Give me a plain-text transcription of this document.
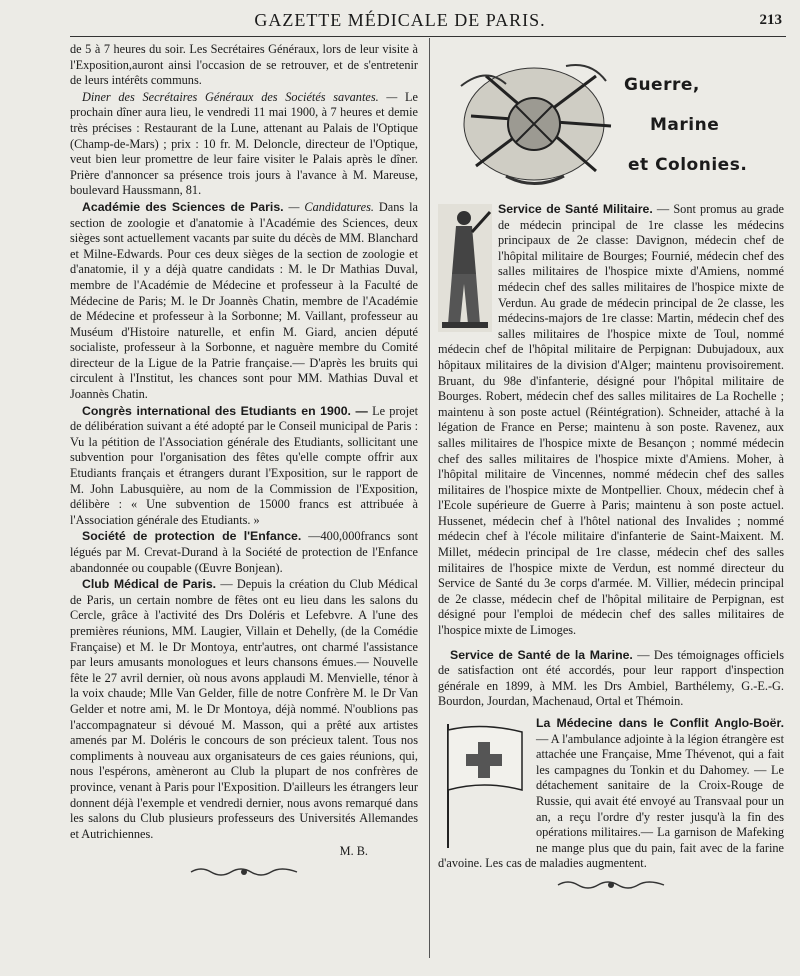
GAZETTE MÉDICALE DE PARIS.	213

de 5 à 7 heures du soir. Les Secrétaires Généraux, lors de leur visite à l'Exposition,auront ainsi l'occasion de se retrouver, et de s'entretenir de leurs intérêts communs.

Diner des Secrétaires Généraux des Sociétés savantes. — Le prochain dîner aura lieu, le vendredi 11 mai 1900, à 7 heures et demie très précises : Restaurant de la Lune, attenant au Palais de l'Optique (Champ-de-Mars) ; prix : 10 fr. M. Deloncle, directeur de l'Optique, veut bien leur promettre de leur faire visiter le Palais après le dîner. Prière d'annoncer sa présence trois jours à l'avance à M. Mareuse, boulevard Haussmann, 81.

Académie des Sciences de Paris. — Candidatures. Dans la section de zoologie et d'anatomie à l'Académie des Sciences, deux sièges sont actuellement vacants par suite du décès de MM. Blanchard et Milne-Edwards. Pour ces deux sièges de la section de zoologie et d'anatomie, il y a déjà quatre candidats : M. le Dr Mathias Duval, membre de l'Académie de Médecine et professeur à la Faculté de Médecine de Paris; M. le Dr Joannès Chatin, membre de l'Académie de Médecine et professeur à la Sorbonne; M. Vaillant, professeur au Muséum d'Histoire naturelle, et enfin M. Giard, ancien député socialiste, professeur à la Sorbonne, et naguère membre du Comité directeur de la Ligue de la Patrie française.— D'après les bruits qui circulent à l'Institut, les chances sont pour MM. Mathias Duval et Joannès Chatin.

Congrès international des Etudiants en 1900. — Le projet de délibération suivant a été adopté par le Conseil municipal de Paris : Vu la pétition de l'Association générale des Etudiants, sollicitant une subvention pour l'organisation des fêtes qu'elle compte offrir aux Etudiants français et étrangers durant l'Exposition, sur le rapport de M. John Labusquière, au nom de la Commission de l'Exposition, délibère : « Une subvention de 15000 francs est attribuée à l'Association générale des Etudiants. »

Société de protection de l'Enfance. —400,000francs sont légués par M. Crevat-Durand à la Société de protection de l'Enfance abandonnée ou coupable (Œuvre Bonjean).

Club Médical de Paris. — Depuis la création du Club Médical de Paris, un certain nombre de fêtes ont eu lieu dans les salons du Cercle, grâce à l'activité des Drs Doléris et Lefebvre. A l'une des premières réunions, MM. Laugier, Villain et Dehelly, (de la Comédie Française) et M. le Dr Montoya, entr'autres, ont charmé l'assistance par leurs amusants monologues et leurs chansons émues.— Nouvelle fête le 27 avril dernier, où nous avons applaudi M. Menvielle, ténor à la voix chaude; Mlle Van Gelder, fille de notre Confrère M. le Dr Van Gelder et notre ami, M. le Dr Montoya, déjà nommé. N'oublions pas l'accompagnateur si dévoué M. Masson, qui a prêté aux artistes amenés par M. Doléris le concours de son précieux talent. Tous nos compliments à nouveau aux organisateurs de ces gaies réunions, qui, nous l'espérons, amèneront au Club la plupart de nos confrères de province, venant à Paris pour l'Exposition. D'ailleurs les étrangers leur donnent déjà l'exemple et vendredi dernier, nous avons remarqué dans les salons du Club plusieurs professeurs des Universités Allemandes et Autrichiennes.

M. B.
Guerre,
Marine
et Colonies.

Service de Santé Militaire. — Sont promus au grade de médecin principal de 1re classe les médecins principaux de 2e classe: Davignon, médecin chef de l'hôpital militaire de Bourges; Fournié, médecin chef des salles militaires de l'hospice mixte d'Amiens, nommé médecin chef des salles militaires de l'hospice mixte de Verdun. Au grade de médecin principal de 2e classe, les médecins-majors de 1re classe: Martin, médecin chef des salles militaires de l'hospice mixte de Toul, nommé médecin chef de l'hôpital militaire de Perpignan: Dubujadoux, aux hôpitaux militaires de la division d'Alger; maintenu provisoirement. Bruant, du 98e d'infanterie, désigné pour l'hôpital militaire de Bourges. Robert, médecin chef des salles militaires de La Rochelle ; maintenu à son poste actuel (Réintégration). Schneider, attaché à la légation de France en Perse; maintenu à son poste. Ravenez, aux salles militaires de l'hospice mixte de Besançon ; nommé médecin chef des salles militaires de l'hospice mixte d'Amiens. Moher, à l'hôpital militaire de Vincennes, nommé médecin chef des salles militaires de l'hospice mixte de Montpellier. Choux, médecin chef à l'Ecole supérieure de Guerre à Paris; maintenu à son poste actuel. Hussenet, médecin chef à l'hôtel national des Invalides ; nommé médecin chef à l'école militaire d'infanterie de Saint-Maixent. M. Millet, médecin principal de 1re classe, médecin chef des salles militaires de l'hospice mixte de Verdun, est nommé directeur du Service de Santé du 3e corps d'armée. M. Villier, médecin principal de 2e classe, médecin chef de l'hôpital militaire de Perpignan, est désigné pour l'emploi de médecin chef des salles militaires de l'hospice mixte de Limoges.

Service de Santé de la Marine. — Des témoignages officiels de satisfaction ont été accordés, pour leur rapport d'inspection générale en 1899, à MM. les Drs Ambiel, Barthélemy, G.-E.-G. Bourdon, Jourdan, Machenaud, Ortal et Thémoin.

La Médecine dans le Conflit Anglo-Boër. — A l'ambulance adjointe à la légion étrangère est attachée une Française, Mme Thévenot, qui a fait les campagnes du Tonkin et du Dahomey. — Le détachement sanitaire de la Croix-Rouge de Russie, qui avait été envoyé au Transvaal pour un an, a reçu l'ordre d'y rester jusqu'à la fin des opérations militaires.— La garnison de Mafeking ne mange plus que du pain, fait avec de la farine d'avoine. Les cas de maladies augmentent.
